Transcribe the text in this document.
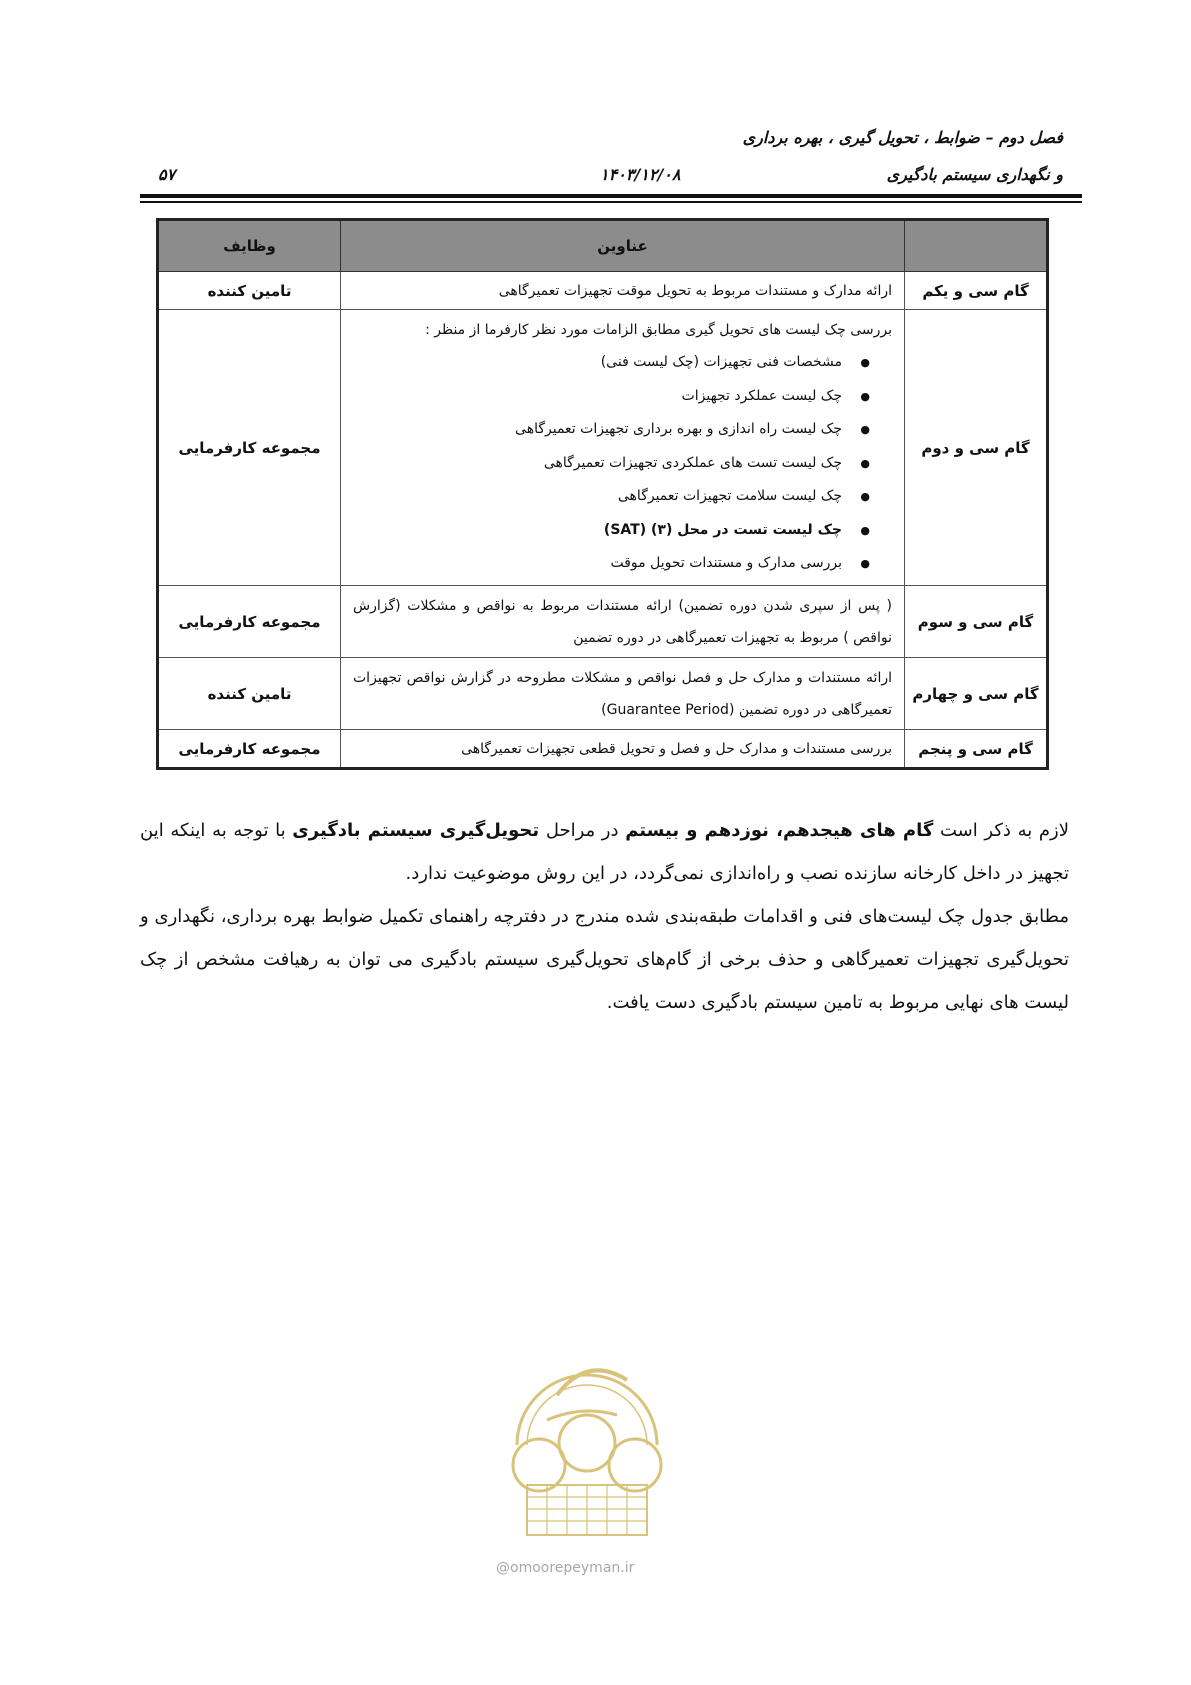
فصل دوم – ضوابط ، تحویل گیری ، بهره برداری
و نگهداری سیستم بادگیری
۱۴۰۳/۱۲/۰۸
۵۷
عناوین
وظایف
گام سی و یکم
ارائه مدارک و مستندات مربوط به تحویل موقت تجهیزات تعمیرگاهی
تامین کننده
گام سی و دوم
بررسی چک لیست های تحویل گیری مطابق الزامات مورد نظر کارفرما از منظر :
● مشخصات فنی تجهیزات (چک لیست فنی)
● چک لیست عملکرد تجهیزات
● چک لیست راه اندازی و بهره برداری تجهیزات تعمیرگاهی
● چک لیست تست های عملکردی تجهیزات تعمیرگاهی
● چک لیست سلامت تجهیزات تعمیرگاهی
● چک لیست تست در محل (۳) (SAT)
● بررسی مدارک و مستندات تحویل موقت
مجموعه کارفرمایی
گام سی و سوم
( پس از سپری شدن دوره تضمین) ارائه مستندات مربوط به نواقص و مشکلات (گزارش نواقص ) مربوط به تجهیزات تعمیرگاهی در دوره تضمین
مجموعه کارفرمایی
گام سی و چهارم
ارائه مستندات و مدارک حل و فصل نواقص و مشکلات مطروحه در گزارش نواقص تجهیزات تعمیرگاهی در دوره تضمین (Guarantee Period)
تامین کننده
گام سی و پنجم
بررسی مستندات و مدارک حل و فصل و تحویل قطعی تجهیزات تعمیرگاهی
مجموعه کارفرمایی
لازم به ذکر است گام های هیجدهم، نوزدهم و بیستم در مراحل تحویل‌گیری سیستم بادگیری با توجه به اینکه این تجهیز در داخل کارخانه سازنده نصب و راه‌اندازی نمی‌گردد، در این روش موضوعیت ندارد.
مطابق جدول چک لیست‌های فنی و اقدامات طبقه‌بندی شده مندرج در دفترچه راهنمای تکمیل ضوابط بهره برداری، نگهداری و تحویل‌گیری تجهیزات تعمیرگاهی و حذف برخی از گام‌های تحویل‌گیری سیستم بادگیری می توان به رهیافت مشخص از چک لیست های نهایی مربوط به تامین سیستم بادگیری دست یافت.
@omoorepeyman.ir
